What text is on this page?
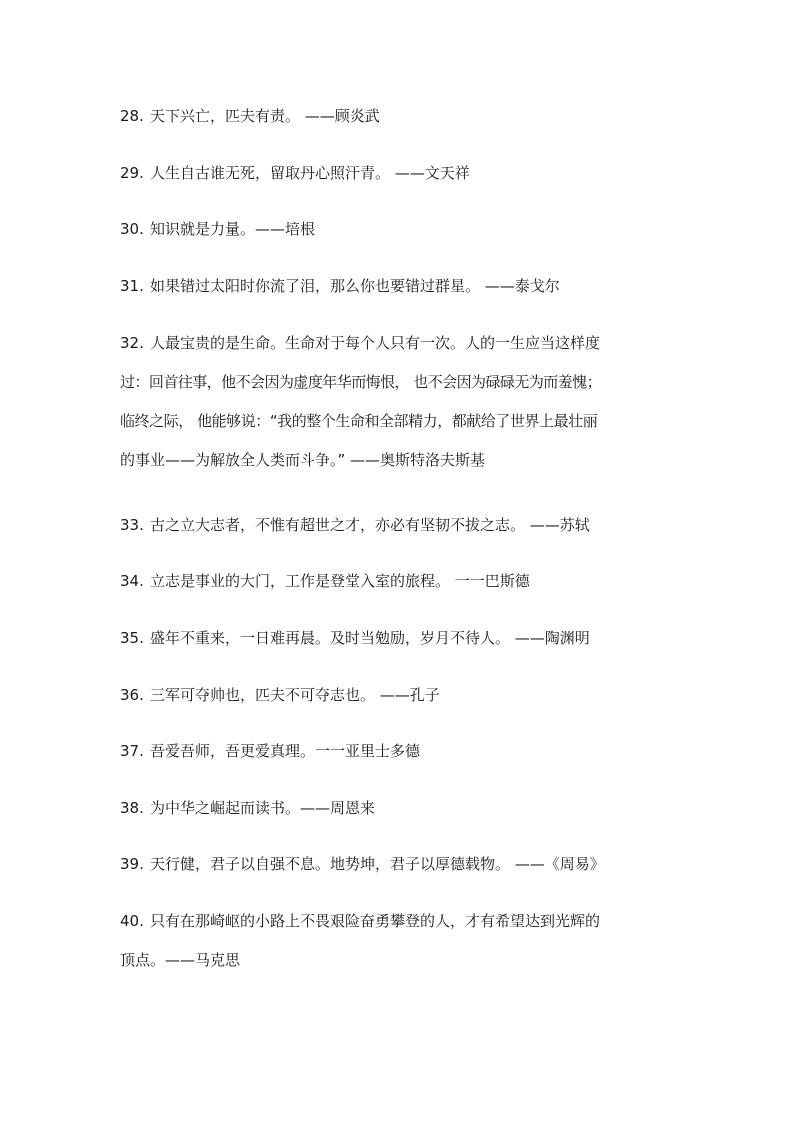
28. 天下兴亡，匹夫有责。 ——顾炎武
29. 人生自古谁无死，留取丹心照汗青。 ——文天祥
30. 知识就是力量。——培根
31. 如果错过太阳时你流了泪，那么你也要错过群星。 ——泰戈尔
32. 人最宝贵的是生命。生命对于每个人只有一次。人的一生应当这样度
过：回首往事，他不会因为虚度年华而悔恨， 也不会因为碌碌无为而羞愧；
临终之际， 他能够说：“我的整个生命和全部精力，都献给了世界上最壮丽
的事业——为解放全人类而斗争。” ——奥斯特洛夫斯基
33. 古之立大志者，不惟有超世之才，亦必有坚韧不拔之志。 ——苏轼
34. 立志是事业的大门，工作是登堂入室的旅程。 一一巴斯德
35. 盛年不重来，一日难再晨。及时当勉励，岁月不待人。 ——陶渊明
36. 三军可夺帅也，匹夫不可夺志也。 ——孔子
37. 吾爱吾师，吾更爱真理。一一亚里士多德
38. 为中华之崛起而读书。——周恩来
39. 天行健，君子以自强不息。地势坤，君子以厚德载物。 ——《周易》
40. 只有在那崎岖的小路上不畏艰险奋勇攀登的人，才有希望达到光辉的
顶点。——马克思
